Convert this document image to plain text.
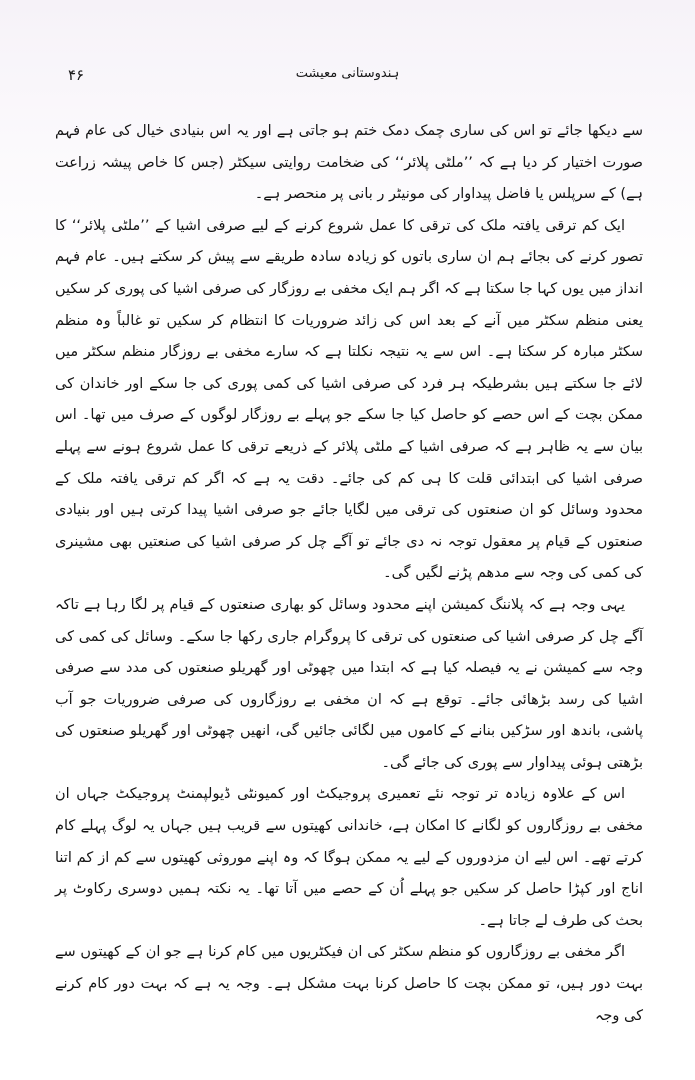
۴۶	ہندوستانی معیشت

سے دیکھا جائے تو اس کی ساری چمک دمک ختم ہو جاتی ہے اور یہ اس بنیادی خیال کی عام فہم صورت اختیار کر دیا ہے کہ ’’ملٹی پلائر‘‘ کی ضخامت روایتی سیکٹر (جس کا خاص پیشہ زراعت ہے) کے سرپلس یا فاضل پیداوار کی مونیٹر ر بانی پر منحصر ہے۔

ایک کم ترقی یافتہ ملک کی ترقی کا عمل شروع کرنے کے لیے صرفی اشیا کے ’’ملٹی پلائر‘‘ کا تصور کرنے کی بجائے ہم ان ساری باتوں کو زیادہ سادہ طریقے سے پیش کر سکتے ہیں۔ عام فہم انداز میں یوں کہا جا سکتا ہے کہ اگر ہم ایک مخفی بے روزگار کی صرفی اشیا کی پوری کر سکیں یعنی منظم سکٹر میں آنے کے بعد اس کی زائد ضروریات کا انتظام کر سکیں تو غالباً وہ منظم سکٹر مبارہ کر سکتا ہے۔ اس سے یہ نتیجہ نکلتا ہے کہ سارے مخفی بے روزگار منظم سکٹر میں لائے جا سکتے ہیں بشرطیکہ ہر فرد کی صرفی اشیا کی کمی پوری کی جا سکے اور خاندان کی ممکن بچت کے اس حصے کو حاصل کیا جا سکے جو پہلے بے روزگار لوگوں کے صرف میں تھا۔ اس بیان سے یہ ظاہر ہے کہ صرفی اشیا کے ملٹی پلائر کے ذریعے ترقی کا عمل شروع ہونے سے پہلے صرفی اشیا کی ابتدائی قلت کا ہی کم کی جائے۔ دقت یہ ہے کہ اگر کم ترقی یافتہ ملک کے محدود وسائل کو ان صنعتوں کی ترقی میں لگایا جائے جو صرفی اشیا پیدا کرتی ہیں اور بنیادی صنعتوں کے قیام پر معقول توجہ نہ دی جائے تو آگے چل کر صرفی اشیا کی صنعتیں بھی مشینری کی کمی کی وجہ سے مدھم پڑنے لگیں گی۔

یہی وجہ ہے کہ پلاننگ کمیشن اپنے محدود وسائل کو بھاری صنعتوں کے قیام پر لگا رہا ہے تاکہ آگے چل کر صرفی اشیا کی صنعتوں کی ترقی کا پروگرام جاری رکھا جا سکے۔ وسائل کی کمی کی وجہ سے کمیشن نے یہ فیصلہ کیا ہے کہ ابتدا میں چھوٹی اور گھریلو صنعتوں کی مدد سے صرفی اشیا کی رسد بڑھائی جائے۔ توقع ہے کہ ان مخفی بے روزگاروں کی صرفی ضروریات جو آب پاشی، باندھ اور سڑکیں بنانے کے کاموں میں لگائی جائیں گی، انھیں چھوٹی اور گھریلو صنعتوں کی بڑھتی ہوئی پیداوار سے پوری کی جائے گی۔

اس کے علاوہ زیادہ تر توجہ نئے تعمیری پروجیکٹ اور کمیونٹی ڈیولپمنٹ پروجیکٹ جہاں ان مخفی بے روزگاروں کو لگانے کا امکان ہے، خاندانی کھیتوں سے قریب ہیں جہاں یہ لوگ پہلے کام کرتے تھے۔ اس لیے ان مزدوروں کے لیے یہ ممکن ہوگا کہ وہ اپنے موروثی کھیتوں سے کم از کم اتنا اناج اور کپڑا حاصل کر سکیں جو پہلے اُن کے حصے میں آتا تھا۔ یہ نکتہ ہمیں دوسری رکاوٹ پر بحث کی طرف لے جاتا ہے۔

اگر مخفی بے روزگاروں کو منظم سکٹر کی ان فیکٹریوں میں کام کرنا ہے جو ان کے کھیتوں سے بہت دور ہیں، تو ممکن بچت کا حاصل کرنا بہت مشکل ہے۔ وجہ یہ ہے کہ بہت دور کام کرنے کی وجہ
